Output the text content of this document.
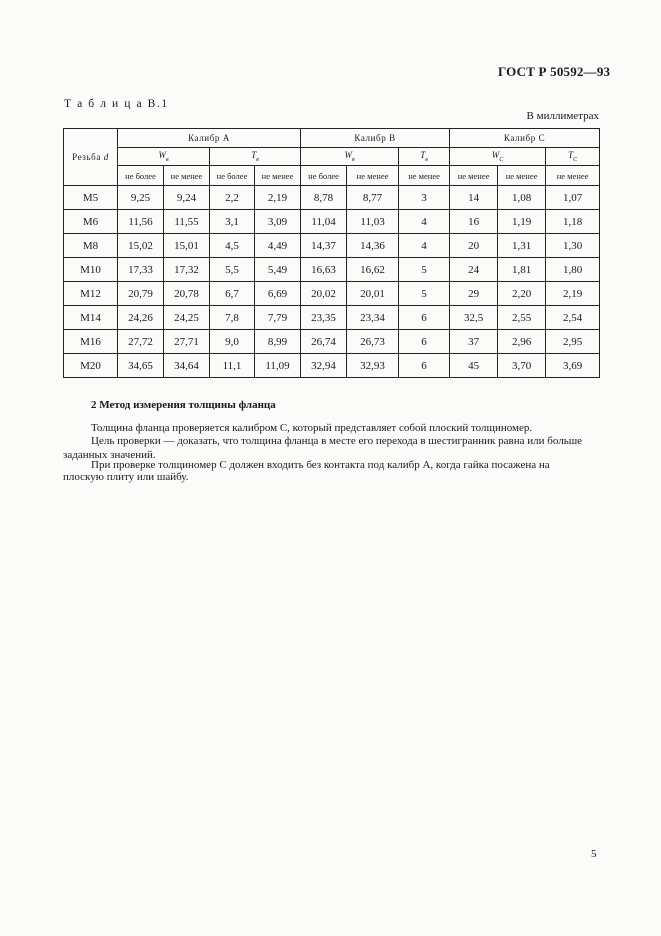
ГОСТ Р 50592—93
Т а б л и ц а В.1
В миллиметрах
Резьба d	Калибр A				Калибр B			Калибр C		
	$W_в$		$T_в$		$W_в$		$T_в$	$W_C$		$T_C$
	не более	не менее	не более	не менее	не более	не менее	не менее	не менее	не менее	не менее
M5	9,25	9,24	2,2	2,19	8,78	8,77	3	14	1,08	1,07
M6	11,56	11,55	3,1	3,09	11,04	11,03	4	16	1,19	1,18
M8	15,02	15,01	4,5	4,49	14,37	14,36	4	20	1,31	1,30
M10	17,33	17,32	5,5	5,49	16,63	16,62	5	24	1,81	1,80
M12	20,79	20,78	6,7	6,69	20,02	20,01	5	29	2,20	2,19
M14	24,26	24,25	7,8	7,79	23,35	23,34	6	32,5	2,55	2,54
M16	27,72	27,71	9,0	8,99	26,74	26,73	6	37	2,96	2,95
M20	34,65	34,64	11,1	11,09	32,94	32,93	6	45	3,70	3,69
2 Метод измерения толщины фланца
Толщина фланца проверяется калибром С, который представляет собой плоский толщиномер.
Цель проверки — доказать, что толщина фланца в месте его перехода в шестигранник равна или больше
заданных значений.
При проверке толщиномер С должен входить без контакта под калибр А, когда гайка посажена на
плоскую плиту или шайбу.
5
